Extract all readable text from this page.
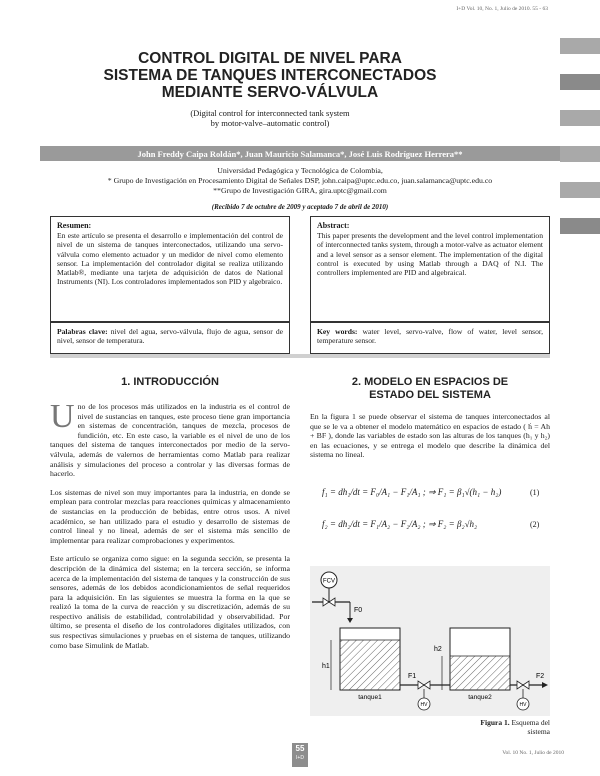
I+D Vol. 10, No. 1, Julio de 2010. 55 - 63
CONTROL DIGITAL DE NIVEL PARA
SISTEMA DE TANQUES INTERCONECTADOS
MEDIANTE SERVO-VÁLVULA
(Digital control for interconnected tank system
by motor-valve–automatic control)
John Freddy Caipa Roldán*, Juan Mauricio Salamanca*, José Luis Rodríguez Herrera**
Universidad Pedagógica y Tecnológica de Colombia,
* Grupo de Investigación en Procesamiento Digital de Señales DSP, john.caipa@uptc.edu.co, juan.salamanca@uptc.edu.co
**Grupo de Investigación GIRA, gira.uptc@gmail.com
(Recibido 7 de octubre de 2009 y aceptado 7 de abril de 2010)
Resumen:
En este artículo se presenta el desarrollo e implementación del control de nivel de un sistema de tanques interconectados, utilizando una servo-válvula como elemento actuador y un medidor de nivel como elemento sensor. La implementación del controlador digital se realiza utilizando Matlab®, mediante una tarjeta de adquisición de datos de National Instruments (NI). Los controladores implementados son PID y algebraico.
Abstract:
This paper presents the development and the level control implementation of interconnected tanks system, through a motor-valve as actuator element and a level sensor as a sensor element. The implementation of the digital control is executed by using Matlab through a DAQ of N.I. The controllers implemented are PID and algebraical.
Palabras clave: nivel del agua, servo-válvula, flujo de agua, sensor de nivel, sensor de temperatura.
Key words: water level, servo-valve, flow of water, level sensor, temperature sensor.
1. INTRODUCCIÓN

Uno de los procesos más utilizados en la industria es el control de nivel de sustancias en tanques, este proceso tiene gran importancia en sistemas de concentración, tanques de mezcla, procesos de fundición, etc. En este caso, la variable es el nivel de uno de los tanques del sistema de tanques interconectados por medio de la servo-válvula, además de valernos de herramientas como Matlab para realizar análisis y simulaciones del proceso a controlar y las diversas formas de hacerlo.

Los sistemas de nivel son muy importantes para la industria, en donde se emplean para controlar mezclas para reacciones químicas y almacenamiento de sustancias en la producción de bebidas, entre otros usos. A nivel académico, se han utilizado para el estudio y desarrollo de sistemas de control lineal y no lineal, además de ser el sistema más sencillo de implementar para realizar comprobaciones y experimentos.

Este artículo se organiza como sigue: en la segunda sección, se presenta la descripción de la dinámica del sistema; en la tercera sección, se informa acerca de la implementación del sistema de tanques y la construcción de sus sensores, además de los debidos acondicionamientos de señal requeridos para la adquisición. En las siguientes se muestra la forma en la que se realizó la toma de la curva de reacción y su discretización, además de su respectivo análisis de estabilidad, controlabilidad y observabilidad. Por último, se presenta el diseño de los controladores digitales utilizados, con sus respectivas simulaciones y pruebas en el sistema de tanques, utilizando como base Simulink de Matlab.

2. MODELO EN ESPACIOS DE
ESTADO DEL SISTEMA
En la figura 1 se puede observar el sistema de tanques interconectados al que se le va a obtener el modelo matemático en espacios de estado ( ḣ = Ah + BF ), donde las variables de estado son las alturas de los tanques (h₁ y h₂) en las ecuaciones, y se entrega el modelo que describe la dinámica del sistema no lineal.
f₁ = dh₁/dt = F₀/A₁ − F₁/A₁ ; ⇒ F₁ = β₁√(h₁ − h₂)	(1)
f₂ = dh₂/dt = F₁/A₂ − F₂/A₂ ; ⇒ F₂ = β₂√h₂	(2)
FCV
F0
h1
tanque1
h2
tanque2
F1
HV
F2
HV
Figura 1. Esquema del sistema
55
I+D
Vol. 10 No. 1, Julio de 2010
